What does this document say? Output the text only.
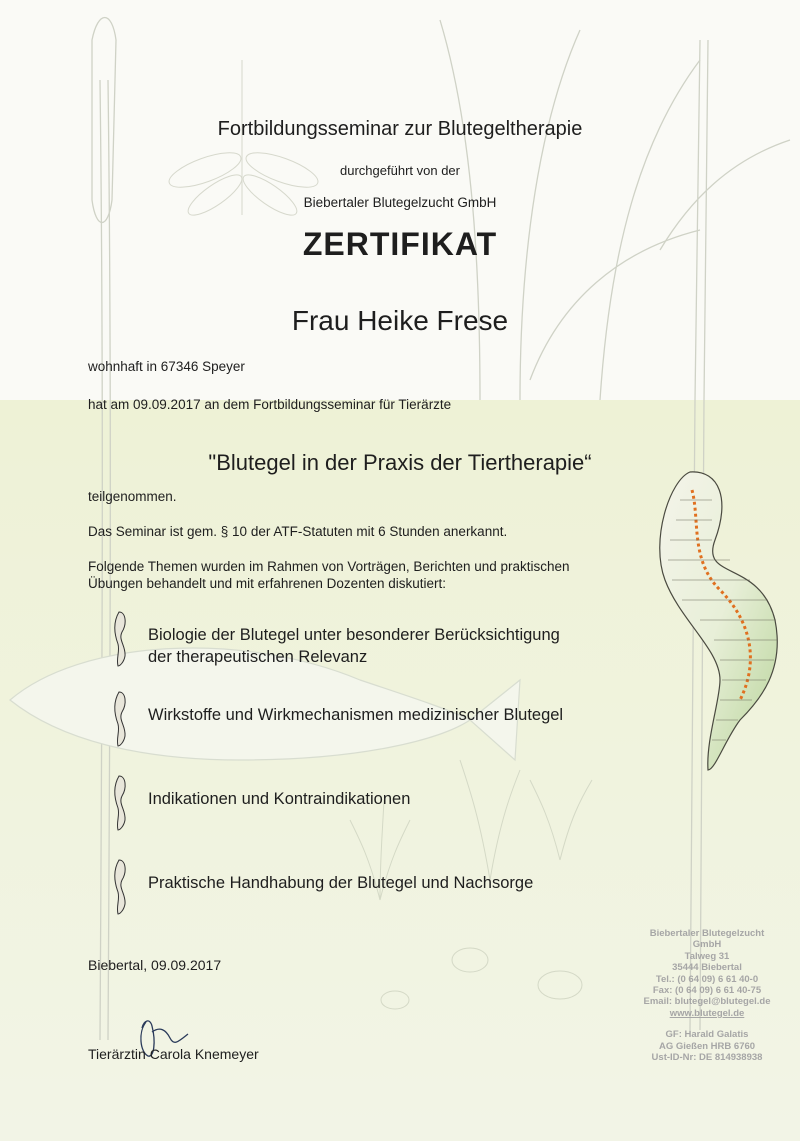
Fortbildungsseminar zur Blutegeltherapie
durchgeführt von der
Biebertaler Blutegelzucht GmbH
ZERTIFIKAT
Frau Heike Frese
wohnhaft in 67346 Speyer
hat am 09.09.2017 an dem Fortbildungsseminar für Tierärzte
"Blutegel in der Praxis der Tiertherapie“
teilgenommen.
Das Seminar ist gem. § 10 der ATF-Statuten mit 6 Stunden anerkannt.
Folgende Themen wurden im Rahmen von Vorträgen, Berichten und praktischen Übungen behandelt und mit erfahrenen Dozenten diskutiert:
Biologie der Blutegel unter besonderer Berücksichtigung
der therapeutischen Relevanz
Wirkstoffe und Wirkmechanismen medizinischer Blutegel
Indikationen und Kontraindikationen
Praktische Handhabung der Blutegel und Nachsorge
Biebertal, 09.09.2017
Tierärztin Carola Knemeyer
Biebertaler Blutegelzucht
GmbH
Talweg 31
35444 Biebertal
Tel.: (0 64 09) 6 61 40-0
Fax: (0 64 09) 6 61 40-75
Email: blutegel@blutegel.de
www.blutegel.de
GF: Harald Galatis
AG Gießen HRB 6760
Ust-ID-Nr: DE 814938938
